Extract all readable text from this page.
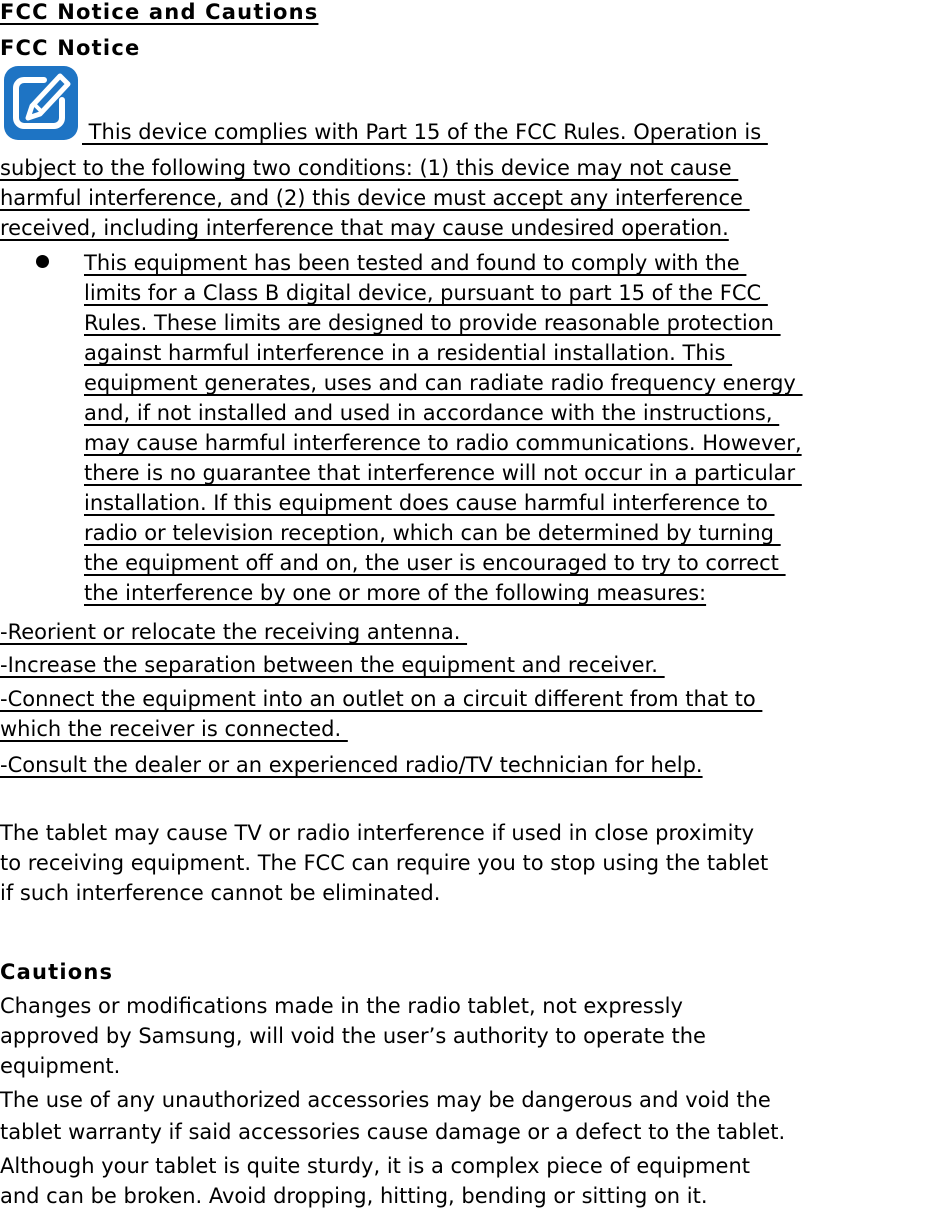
FCC Notice and Cautions
FCC Notice
This device complies with Part 15 of the FCC Rules. Operation is
subject to the following two conditions: (1) this device may not cause
harmful interference, and (2) this device must accept any interference
received, including interference that may cause undesired operation.
This equipment has been tested and found to comply with the
limits for a Class B digital device, pursuant to part 15 of the FCC
Rules. These limits are designed to provide reasonable protection
against harmful interference in a residential installation. This
equipment generates, uses and can radiate radio frequency energy
and, if not installed and used in accordance with the instructions,
may cause harmful interference to radio communications. However,
there is no guarantee that interference will not occur in a particular
installation. If this equipment does cause harmful interference to
radio or television reception, which can be determined by turning
the equipment off and on, the user is encouraged to try to correct
the interference by one or more of the following measures:
-Reorient or relocate the receiving antenna.
-Increase the separation between the equipment and receiver.
-Connect the equipment into an outlet on a circuit different from that to
which the receiver is connected.
-Consult the dealer or an experienced radio/TV technician for help.
The tablet may cause TV or radio interference if used in close proximity
to receiving equipment. The FCC can require you to stop using the tablet
if such interference cannot be eliminated.
Cautions
Changes or modifications made in the radio tablet, not expressly
approved by Samsung, will void the user’s authority to operate the
equipment.
The use of any unauthorized accessories may be dangerous and void the
tablet warranty if said accessories cause damage or a defect to the tablet.
Although your tablet is quite sturdy, it is a complex piece of equipment
and can be broken. Avoid dropping, hitting, bending or sitting on it.
